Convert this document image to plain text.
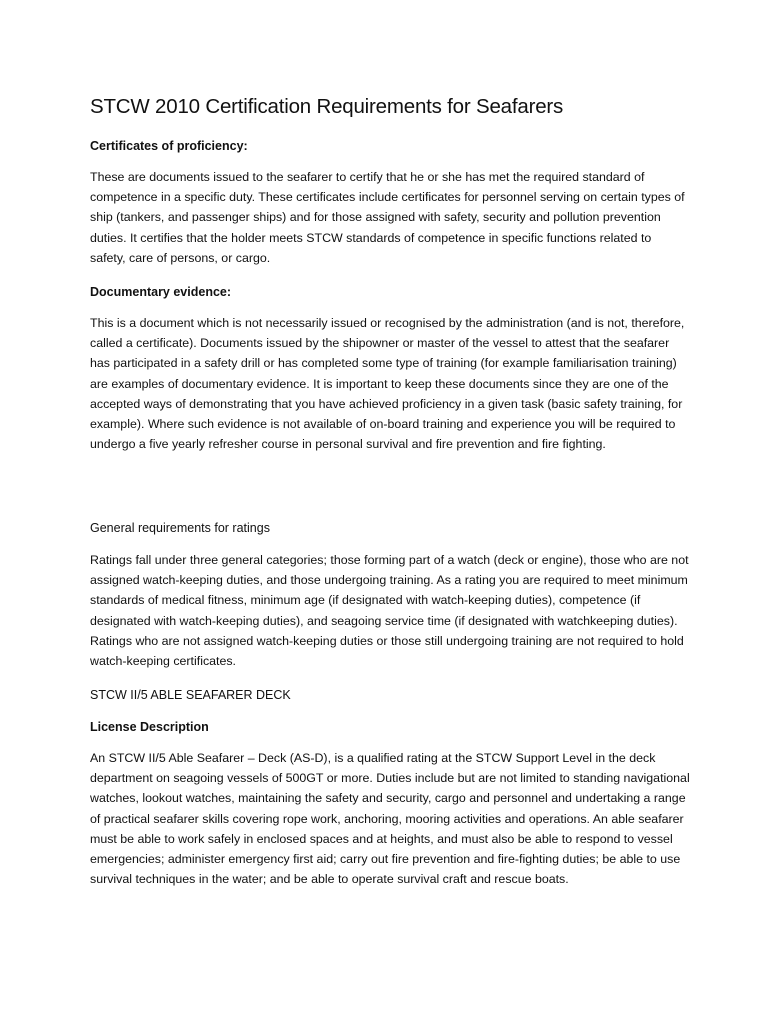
STCW 2010 Certification Requirements for Seafarers
Certificates of proficiency:

These are documents issued to the seafarer to certify that he or she has met the required standard of competence in a specific duty. These certificates include certificates for personnel serving on certain types of ship (tankers, and passenger ships) and for those assigned with safety, security and pollution prevention duties. It certifies that the holder meets STCW standards of competence in specific functions related to safety, care of persons, or cargo.

Documentary evidence:

This is a document which is not necessarily issued or recognised by the administration (and is not, therefore, called a certificate). Documents issued by the shipowner or master of the vessel to attest that the seafarer has participated in a safety drill or has completed some type of training (for example familiarisation training) are examples of documentary evidence. It is important to keep these documents since they are one of the accepted ways of demonstrating that you have achieved proficiency in a given task (basic safety training, for example). Where such evidence is not available of on-board training and experience you will be required to undergo a five yearly refresher course in personal survival and fire prevention and fire fighting.

General requirements for ratings

Ratings fall under three general categories; those forming part of a watch (deck or engine), those who are not assigned watch-keeping duties, and those undergoing training. As a rating you are required to meet minimum standards of medical fitness, minimum age (if designated with watch-keeping duties), competence (if designated with watch-keeping duties), and seagoing service time (if designated with watchkeeping duties). Ratings who are not assigned watch-keeping duties or those still undergoing training are not required to hold watch-keeping certificates.

STCW II/5 ABLE SEAFARER DECK
License Description

An STCW II/5 Able Seafarer – Deck (AS-D), is a qualified rating at the STCW Support Level in the deck department on seagoing vessels of 500GT or more. Duties include but are not limited to standing navigational watches, lookout watches, maintaining the safety and security, cargo and personnel and undertaking a range of practical seafarer skills covering rope work, anchoring, mooring activities and operations. An able seafarer must be able to work safely in enclosed spaces and at heights, and must also be able to respond to vessel emergencies; administer emergency first aid; carry out fire prevention and fire-fighting duties; be able to use survival techniques in the water; and be able to operate survival craft and rescue boats.
